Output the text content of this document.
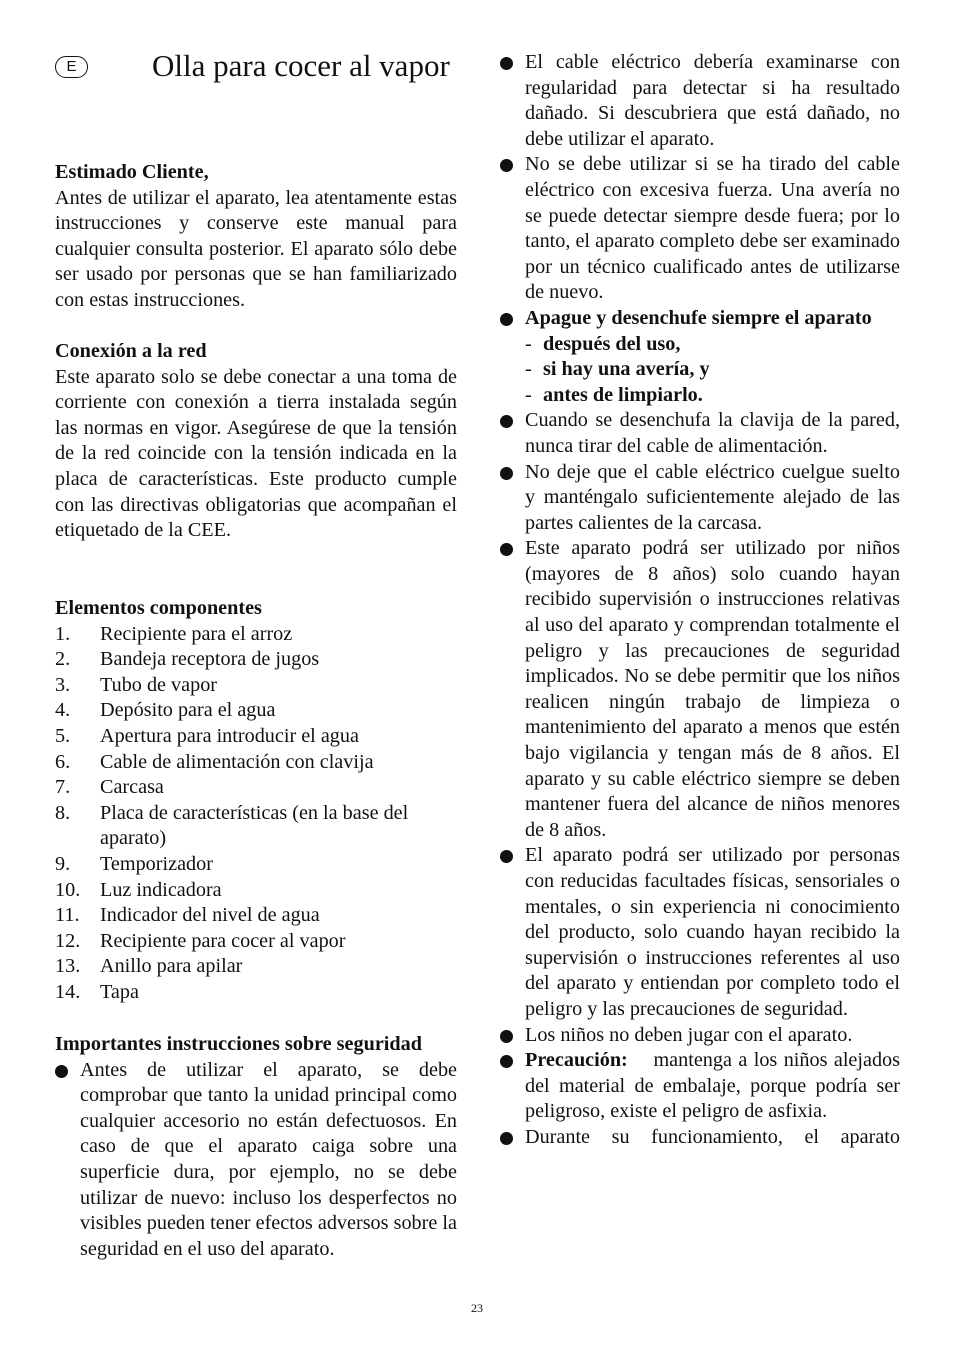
E	Olla para cocer al vapor
Estimado Cliente,
Antes de utilizar el aparato, lea atentamente estas instrucciones y conserve este manual para cualquier consulta posterior. El aparato sólo debe ser usado por personas que se han familiarizado con estas instrucciones.
Conexión a la red
Este aparato solo se debe conectar a una toma de corriente con conexión a tierra instalada según las normas en vigor. Asegúrese de que la tensión de la red coincide con la tensión indicada en la placa de características. Este producto cumple con las directivas obligatorias que acompañan el etiquetado de la CEE.
Elementos componentes
1. Recipiente para el arroz
2. Bandeja receptora de jugos
3. Tubo de vapor
4. Depósito para el agua
5. Apertura para introducir el agua
6. Cable de alimentación con clavija
7. Carcasa
8. Placa de características (en la base del aparato)
9. Temporizador
10. Luz indicadora
11. Indicador del nivel de agua
12. Recipiente para cocer al vapor
13. Anillo para apilar
14. Tapa
Importantes instrucciones sobre seguridad
Antes de utilizar el aparato, se debe comprobar que tanto la unidad principal como cualquier accesorio no están defectuosos. En caso de que el aparato caiga sobre una superficie dura, por ejemplo, no se debe utilizar de nuevo: incluso los desperfectos no visibles pueden tener efectos adversos sobre la seguridad en el uso del aparato.
El cable eléctrico debería examinarse con regularidad para detectar si ha resultado dañado. Si descubriera que está dañado, no debe utilizar el aparato.
No se debe utilizar si se ha tirado del cable eléctrico con excesiva fuerza. Una avería no se puede detectar siempre desde fuera; por lo tanto, el aparato completo debe ser examinado por un técnico cualificado antes de utilizarse de nuevo.
Apague y desenchufe siempre el aparato
- después del uso,
- si hay una avería, y
- antes de limpiarlo.
Cuando se desenchufa la clavija de la pared, nunca tirar del cable de alimentación.
No deje que el cable eléctrico cuelgue suelto y manténgalo suficientemente alejado de las partes calientes de la carcasa.
Este aparato podrá ser utilizado por niños (mayores de 8 años) solo cuando hayan recibido supervisión o instrucciones relativas al uso del aparato y comprendan totalmente el peligro y las precauciones de seguridad implicados. No se debe permitir que los niños realicen ningún trabajo de limpieza o mantenimiento del aparato a menos que estén bajo vigilancia y tengan más de 8 años. El aparato y su cable eléctrico siempre se deben mantener fuera del alcance de niños menores de 8 años.
El aparato podrá ser utilizado por personas con reducidas facultades físicas, sensoriales o mentales, o sin experiencia ni conocimiento del producto, solo cuando hayan recibido la supervisión o instrucciones referentes al uso del aparato y entiendan por completo todo el peligro y las precauciones de seguridad.
Los niños no deben jugar con el aparato.
Precaución: mantenga a los niños alejados del material de embalaje, porque podría ser peligroso, existe el peligro de asfixia.
Durante su funcionamiento, el aparato
23
